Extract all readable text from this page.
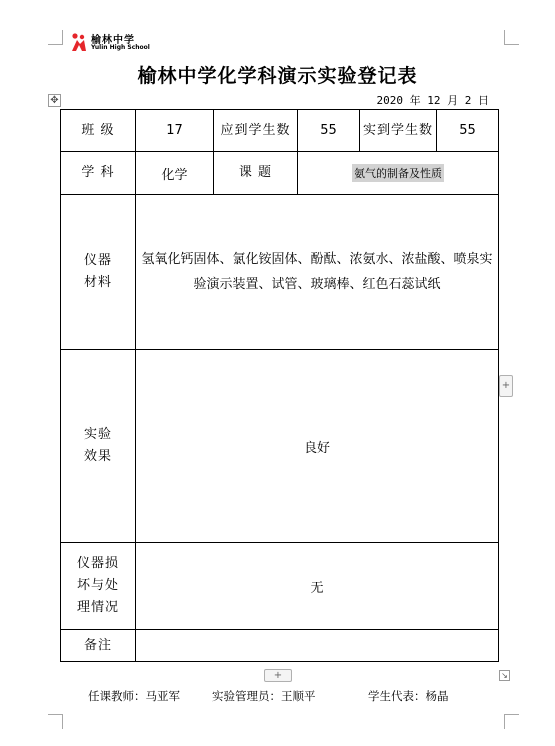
榆林中学
Yulin High School
榆林中学化学科演示实验登记表
2020 年 12 月 2 日
✥
班 级	17	应到学生数	55	实到学生数	55
学 科	化学	课 题	氨气的制备及性质		

仪器
材料	氢氧化钙固体、氯化铵固体、酚酞、浓氨水、浓盐酸、喷泉实验演示装置、试管、玻璃棒、红色石蕊试纸				

实验
效果	良好				

仪器损
坏与处
理情况	无				
备注					
+
+	↘
任课教师：马亚军	实验管理员：王顺平	学生代表：杨晶
